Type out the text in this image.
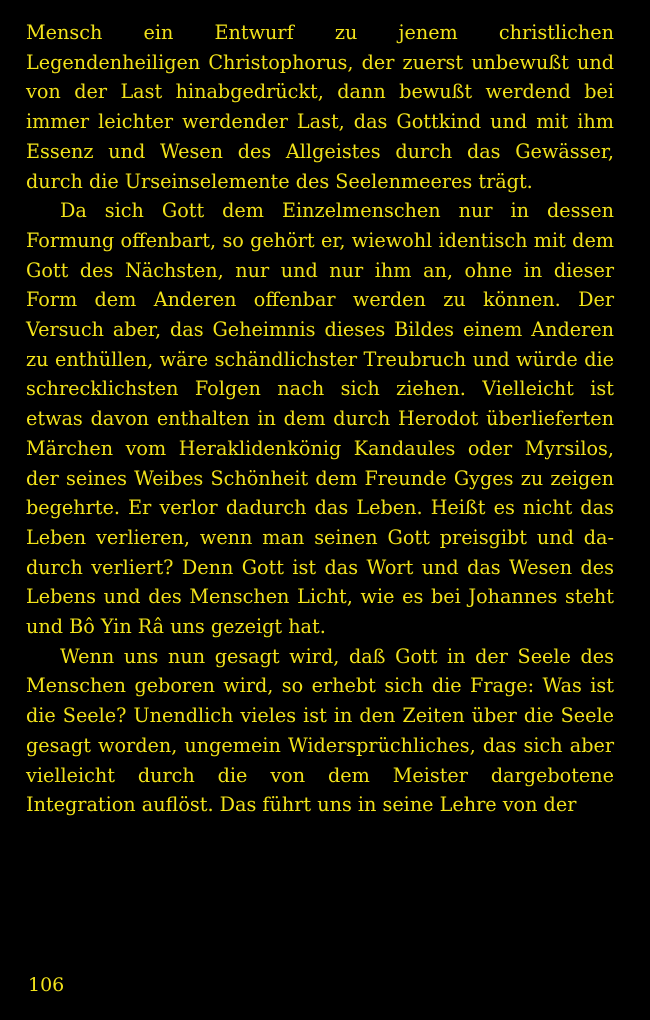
Mensch ein Entwurf zu jenem christlichen Legendenheiligen Christophorus, der zuerst unbewußt und von der Last hinabgedrückt, dann bewußt werdend bei immer leichter werdender Last, das Gottkind und mit ihm Essenz und Wesen des Allgeistes durch das Gewässer, durch die Urseinselemente des Seelenmeeres trägt.

Da sich Gott dem Einzelmenschen nur in dessen Formung offenbart, so gehört er, wiewohl identisch mit dem Gott des Nächsten, nur und nur ihm an, ohne in dieser Form dem Anderen offenbar werden zu können. Der Versuch aber, das Geheimnis dieses Bildes einem Anderen zu enthüllen, wäre schändlichster Treubruch und würde die schrecklichsten Folgen nach sich ziehen. Vielleicht ist etwas davon enthalten in dem durch Herodot überlieferten Märchen vom Heraklidenkönig Kandaules oder Myrsilos, der seines Weibes Schönheit dem Freunde Gyges zu zeigen begehrte. Er verlor dadurch das Leben. Heißt es nicht das Leben verlieren, wenn man seinen Gott preisgibt und dadurch verliert? Denn Gott ist das Wort und das Wesen des Lebens und des Menschen Licht, wie es bei Johannes steht und Bô Yin Râ uns gezeigt hat.

Wenn uns nun gesagt wird, daß Gott in der Seele des Menschen geboren wird, so erhebt sich die Frage: Was ist die Seele? Unendlich vieles ist in den Zeiten über die Seele gesagt worden, ungemein Widersprüchliches, das sich aber vielleicht durch die von dem Meister dargebotene Integration auflöst. Das führt uns in seine Lehre von der

106
